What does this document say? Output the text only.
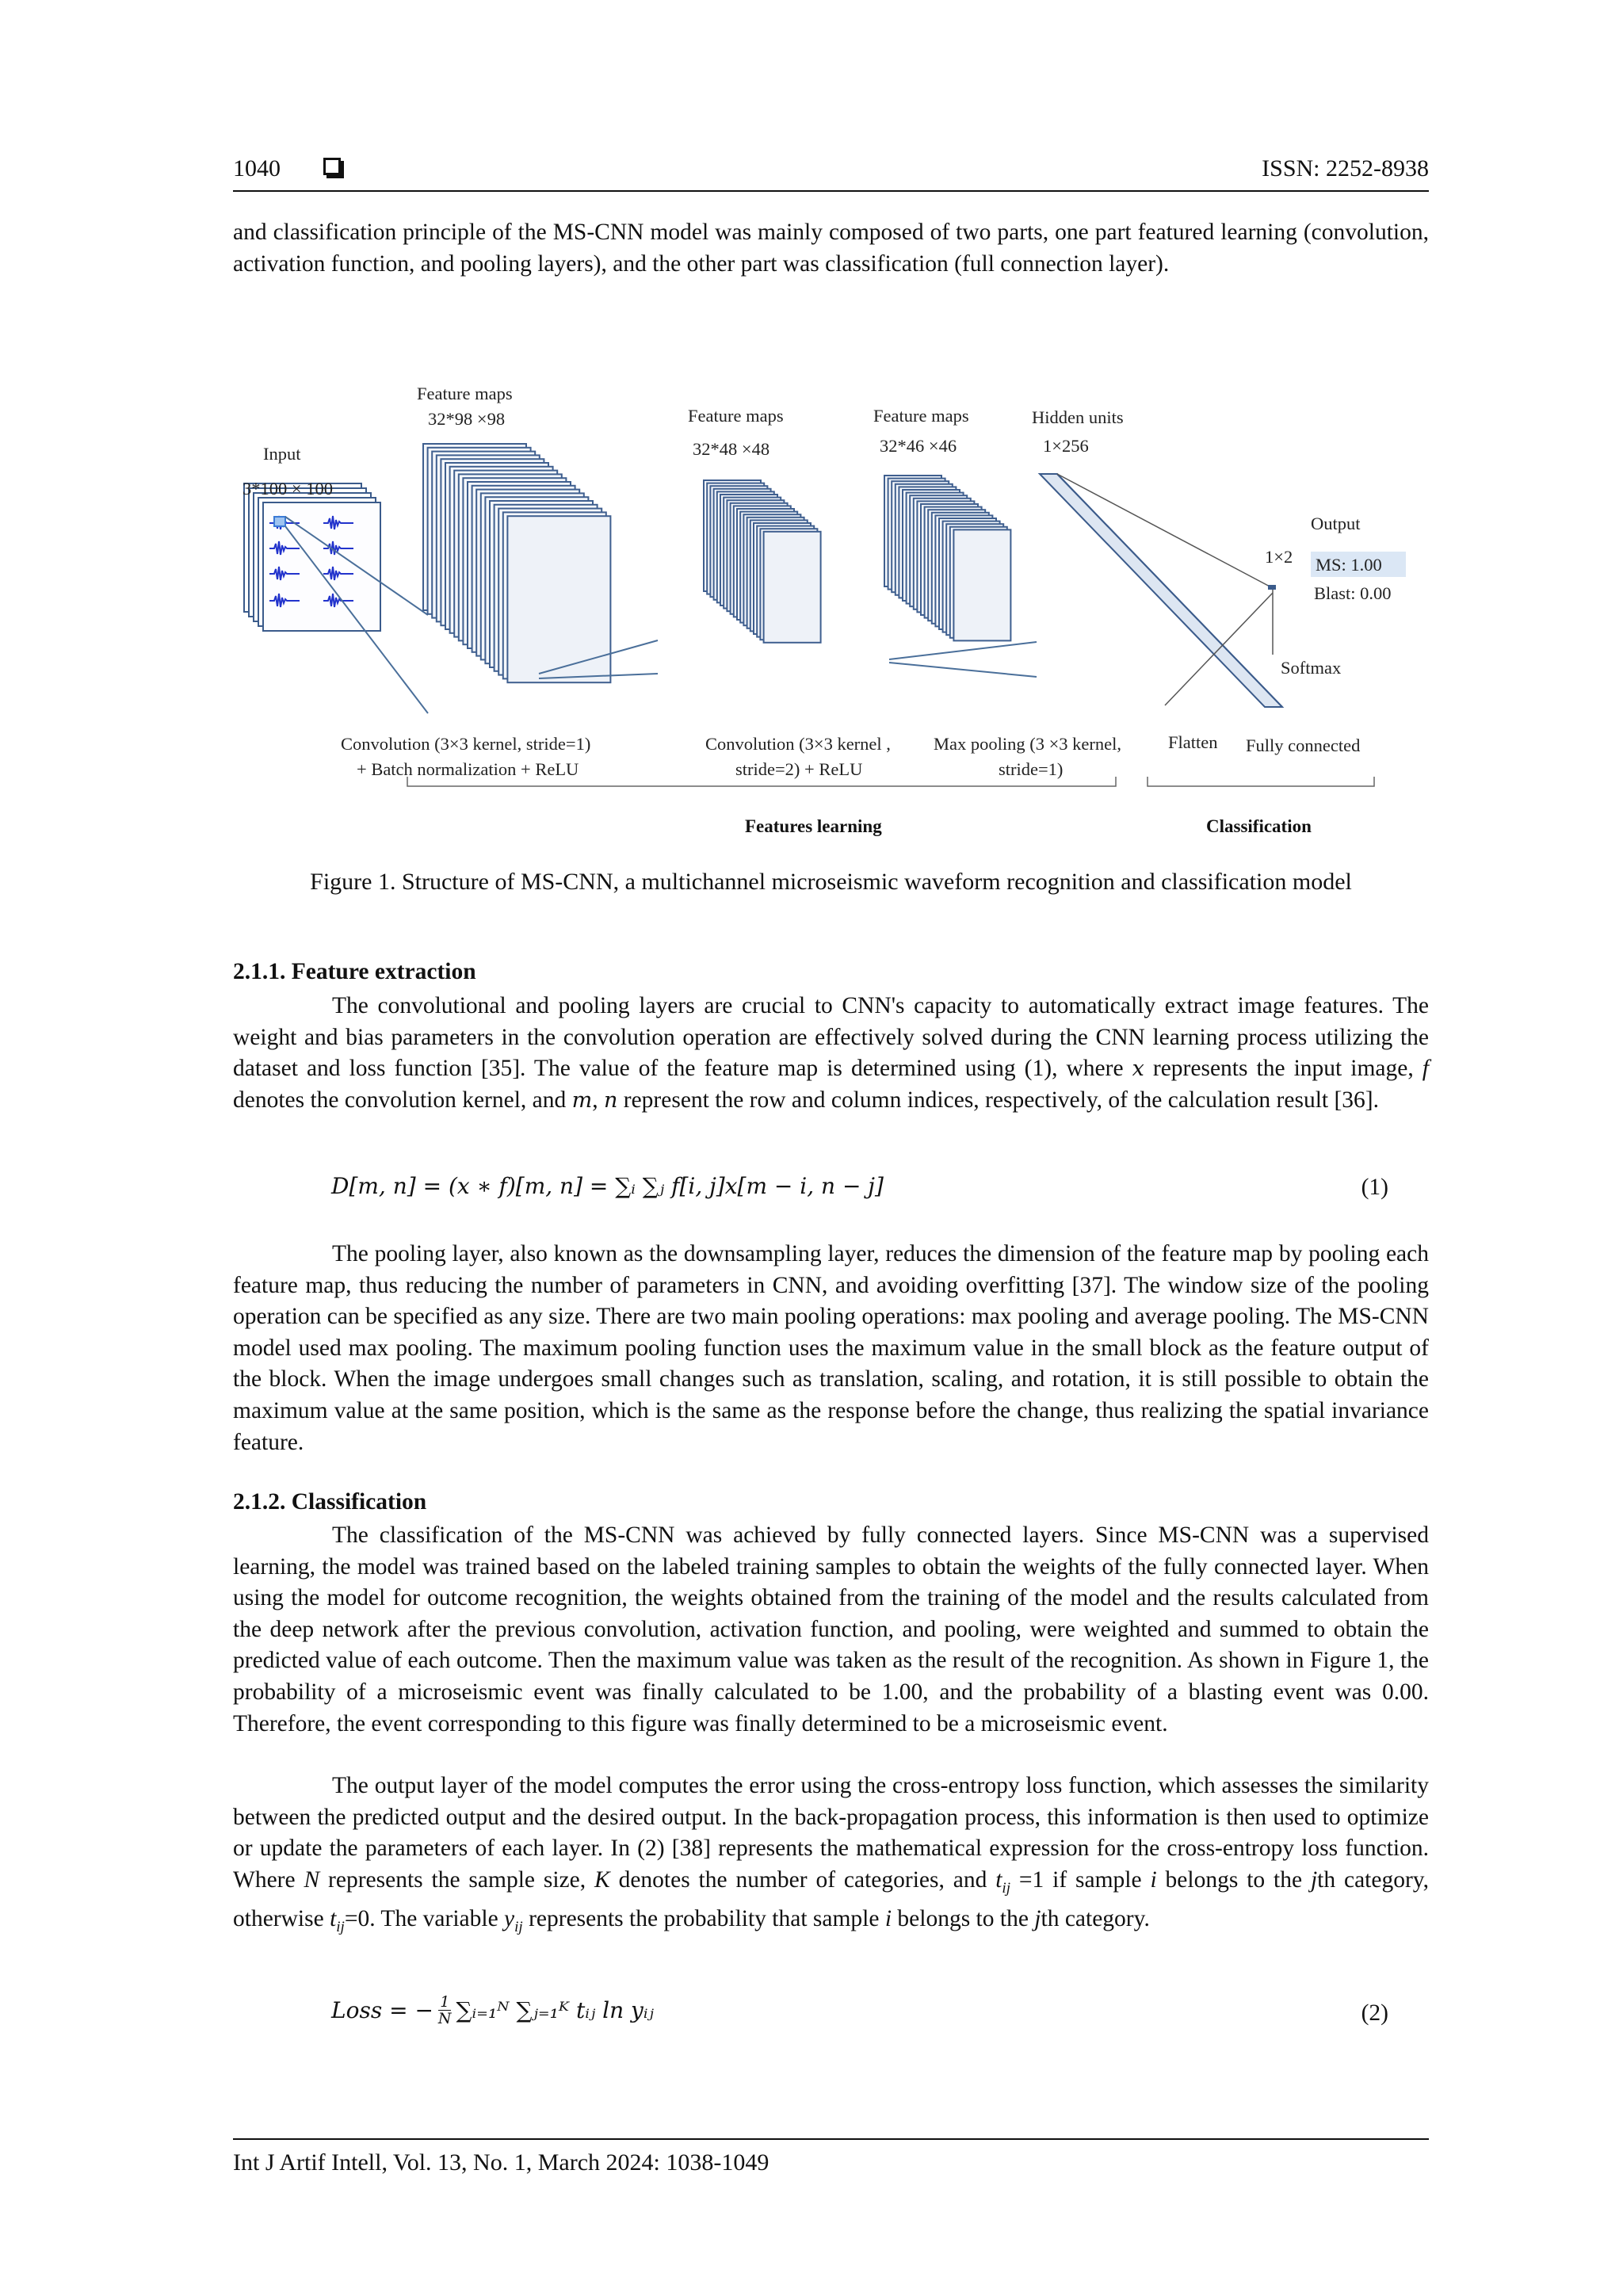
1040	ISSN: 2252-8938

and classification principle of the MS-CNN model was mainly composed of two parts, one part featured learning (convolution, activation function, and pooling layers), and the other part was classification (full connection layer).

Feature maps
32*98 ×98
Input
3*100 × 100
Feature maps
32*48 ×48
Feature maps
32*46 ×46
Hidden units
1×256
Output
1×2 MS: 1.00
Blast: 0.00
Softmax
Convolution (3×3 kernel, stride=1)
+ Batch normalization + ReLU
Convolution (3×3 kernel ,
stride=2) + ReLU
Max pooling (3 ×3 kernel,
stride=1)
Flatten Fully connected
Features learning	Classification
Figure 1. Structure of MS-CNN, a multichannel microseismic waveform recognition and classification model
2.1.1. Feature extraction

The convolutional and pooling layers are crucial to CNN's capacity to automatically extract image features. The weight and bias parameters in the convolution operation are effectively solved during the CNN learning process utilizing the dataset and loss function [35]. The value of the feature map is determined using (1), where x represents the input image, f denotes the convolution kernel, and m, n represent the row and column indices, respectively, of the calculation result [36].

D[m, n] = (x ∗ f)[m, n] = ∑ᵢ ∑ⱼ f[i, j]x[m − i, n − j]	(1)

The pooling layer, also known as the downsampling layer, reduces the dimension of the feature map by pooling each feature map, thus reducing the number of parameters in CNN, and avoiding overfitting [37]. The window size of the pooling operation can be specified as any size. There are two main pooling operations: max pooling and average pooling. The MS-CNN model used max pooling. The maximum pooling function uses the maximum value in the small block as the feature output of the block. When the image undergoes small changes such as translation, scaling, and rotation, it is still possible to obtain the maximum value at the same position, which is the same as the response before the change, thus realizing the spatial invariance feature.

2.1.2. Classification

The classification of the MS-CNN was achieved by fully connected layers. Since MS-CNN was a supervised learning, the model was trained based on the labeled training samples to obtain the weights of the fully connected layer. When using the model for outcome recognition, the weights obtained from the training of the model and the results calculated from the deep network after the previous convolution, activation function, and pooling, were weighted and summed to obtain the predicted value of each outcome. Then the maximum value was taken as the result of the recognition. As shown in Figure 1, the probability of a microseismic event was finally calculated to be 1.00, and the probability of a blasting event was 0.00. Therefore, the event corresponding to this figure was finally determined to be a microseismic event.

The output layer of the model computes the error using the cross-entropy loss function, which assesses the similarity between the predicted output and the desired output. In the back-propagation process, this information is then used to optimize or update the parameters of each layer. In (2) [38] represents the mathematical expression for the cross-entropy loss function. Where N represents the sample size, K denotes the number of categories, and $t_{ij} =1$ if sample i belongs to the jth category, otherwise $t_{ij}=0$. The variable $y_{ij}$ represents the probability that sample i belongs to the jth category.

Loss = − $\frac{1}{N}$ ∑ᵢ₌₁ᴺ ∑ⱼ₌₁ᴷ tᵢⱼ ln yᵢⱼ	(2)
Int J Artif Intell, Vol. 13, No. 1, March 2024: 1038-1049
